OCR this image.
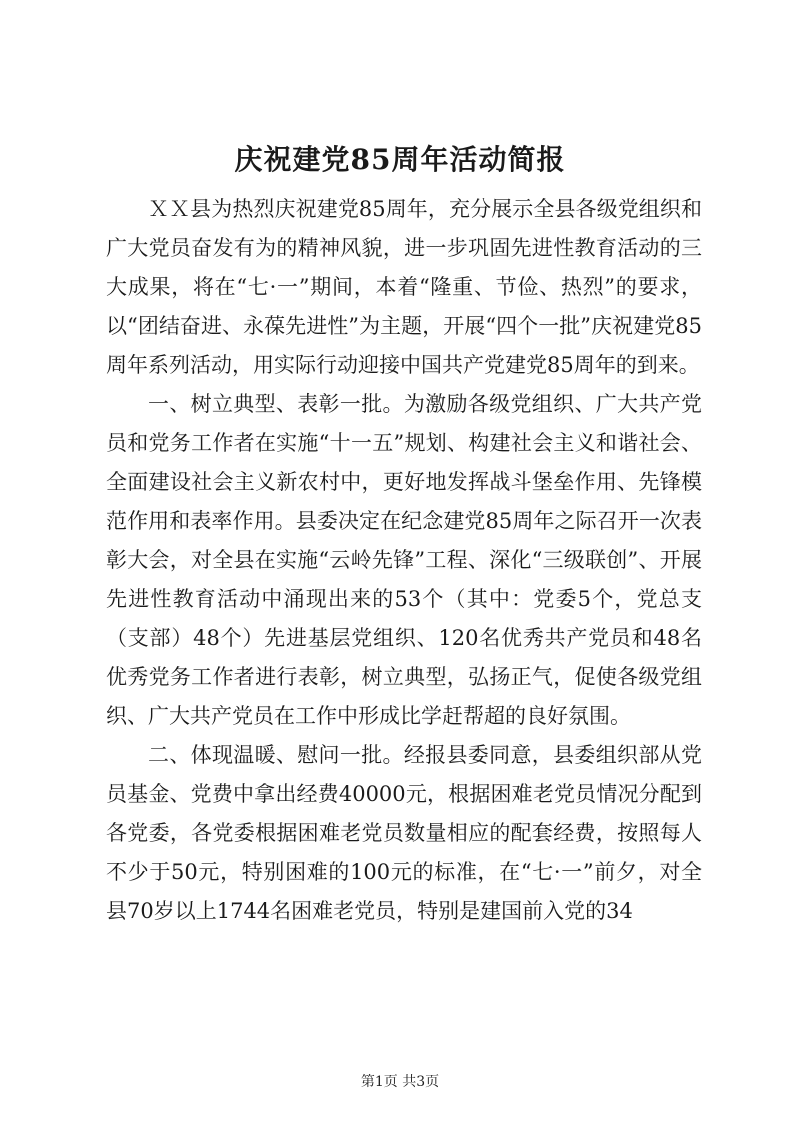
庆祝建党85周年活动简报

ＸＸ县为热烈庆祝建党85周年，充分展示全县各级党组织和广大党员奋发有为的精神风貌，进一步巩固先进性教育活动的三大成果，将在“七·一”期间，本着“隆重、节俭、热烈”的要求，以“团结奋进、永葆先进性”为主题，开展“四个一批”庆祝建党85周年系列活动，用实际行动迎接中国共产党建党85周年的到来。

一、树立典型、表彰一批。为激励各级党组织、广大共产党员和党务工作者在实施“十一五”规划、构建社会主义和谐社会、全面建设社会主义新农村中，更好地发挥战斗堡垒作用、先锋模范作用和表率作用。县委决定在纪念建党85周年之际召开一次表彰大会，对全县在实施“云岭先锋”工程、深化“三级联创”、开展先进性教育活动中涌现出来的53个（其中：党委5个，党总支（支部）48个）先进基层党组织、120名优秀共产党员和48名优秀党务工作者进行表彰，树立典型，弘扬正气，促使各级党组织、广大共产党员在工作中形成比学赶帮超的良好氛围。

二、体现温暖、慰问一批。经报县委同意，县委组织部从党员基金、党费中拿出经费40000元，根据困难老党员情况分配到各党委，各党委根据困难老党员数量相应的配套经费，按照每人不少于50元，特别困难的100元的标准，在“七·一”前夕，对全县70岁以上1744名困难老党员，特别是建国前入党的34

第1页 共3页
